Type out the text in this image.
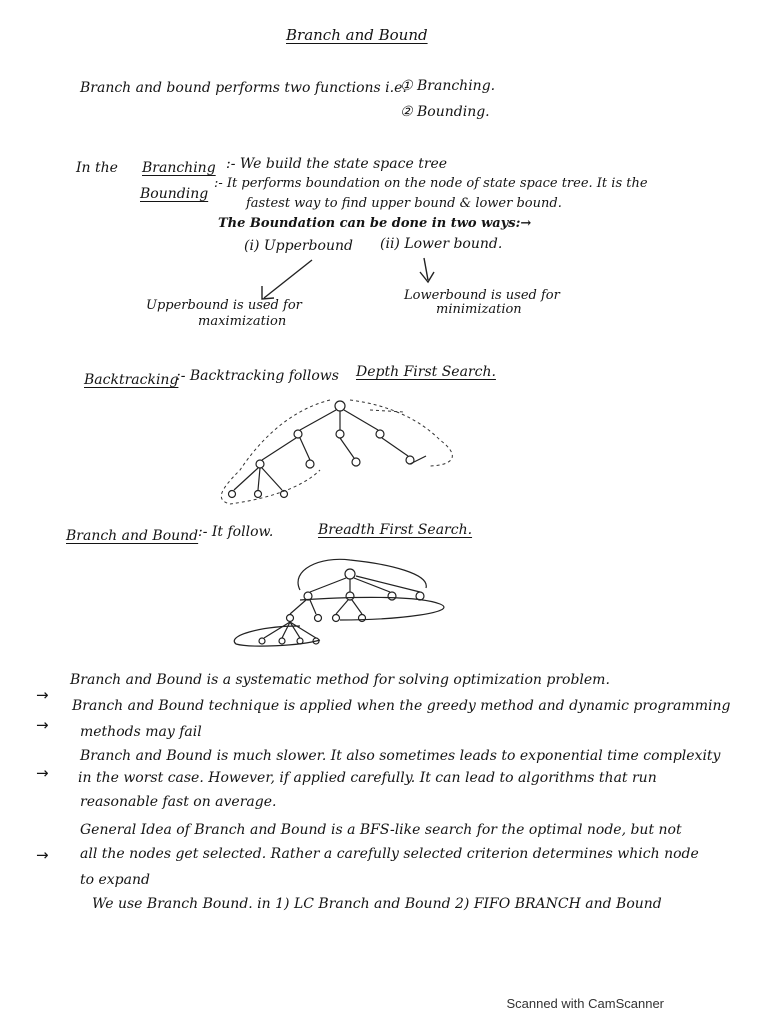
Branch and Bound
Branch and bound performs two functions i.e.
① Branching.
② Bounding.
In the Branching :- We build the state space tree
Bounding
:- It performs boundation on the node of state space tree. It is the
fastest way to find upper bound & lower bound.
The Boundation can be done in two ways:→
(i) Upperbound (ii) Lower bound.
Upperbound is used for
maximization
Lowerbound is used for
minimization
Backtracking
:- Backtracking follows Depth First Search.
Branch and Bound :- It follow.	Breadth First Search.
→
Branch and Bound is a systematic method for solving optimization problem.
→
Branch and Bound technique is applied when the greedy method and dynamic programming
methods may fail
→
Branch and Bound is much slower. It also sometimes leads to exponential time complexity
in the worst case. However, if applied carefully. It can lead to algorithms that run
reasonable fast on average.
→
General Idea of Branch and Bound is a BFS-like search for the optimal node, but not
all the nodes get selected. Rather a carefully selected criterion determines which node
to expand
We use Branch Bound. in 1) LC Branch and Bound 2) FIFO BRANCH and Bound
Scanned with CamScanner
